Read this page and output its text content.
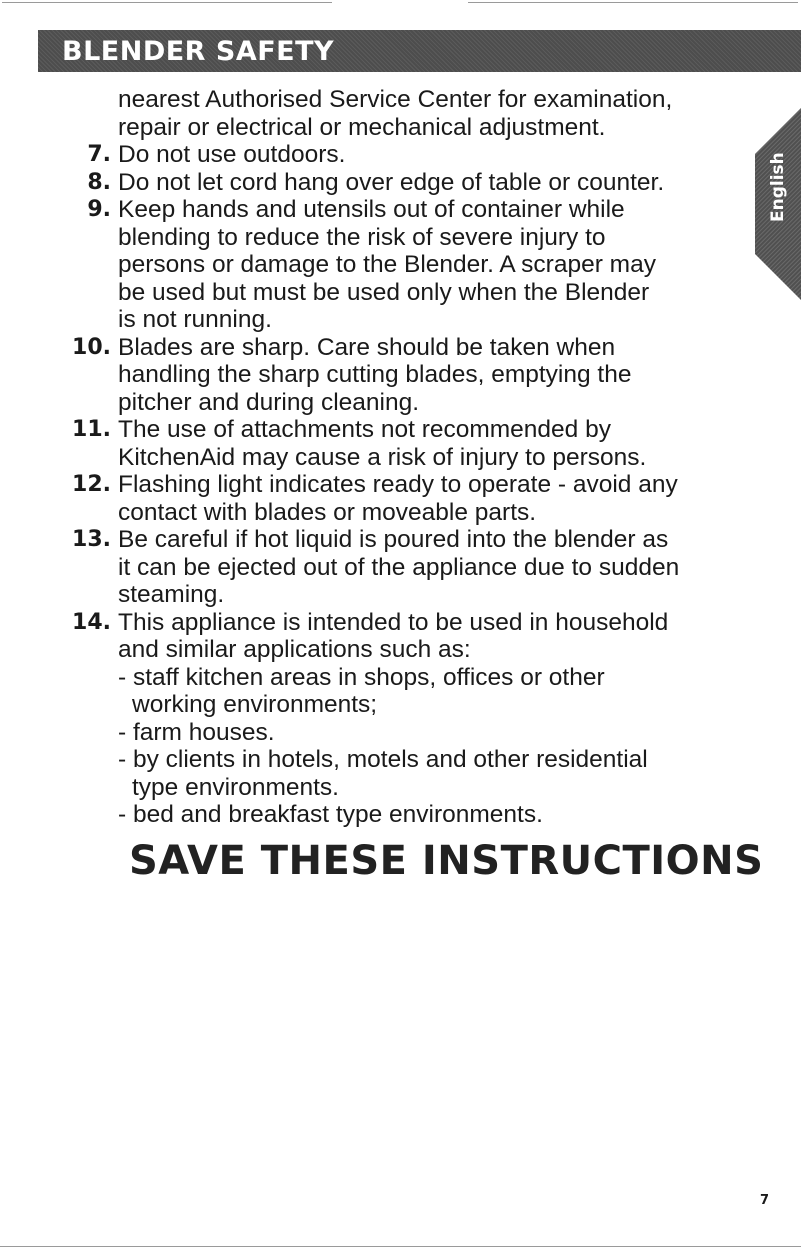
BLENDER SAFETY
English
nearest Authorised Service Center for examination,
repair or electrical or mechanical adjustment.
7. Do not use outdoors.
8. Do not let cord hang over edge of table or counter.
9. Keep hands and utensils out of container while
blending to reduce the risk of severe injury to
persons or damage to the Blender. A scraper may
be used but must be used only when the Blender
is not running.
10. Blades are sharp. Care should be taken when
handling the sharp cutting blades, emptying the
pitcher and during cleaning.
11. The use of attachments not recommended by
KitchenAid may cause a risk of injury to persons.
12. Flashing light indicates ready to operate - avoid any
contact with blades or moveable parts.
13. Be careful if hot liquid is poured into the blender as
it can be ejected out of the appliance due to sudden
steaming.
14. This appliance is intended to be used in household
and similar applications such as:
- staff kitchen areas in shops, offices or other
working environments;
- farm houses.
- by clients in hotels, motels and other residential
type environments.
- bed and breakfast type environments.
SAVE THESE INSTRUCTIONS
7
